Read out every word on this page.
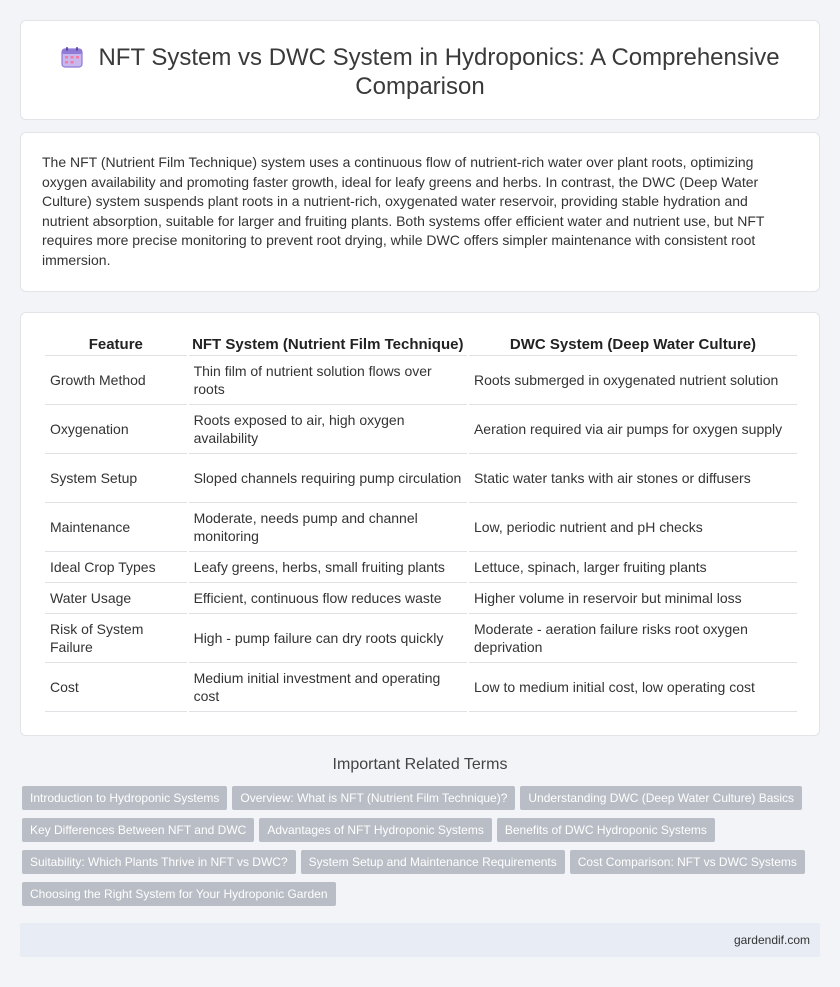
NFT System vs DWC System in Hydroponics: A Comprehensive Comparison

The NFT (Nutrient Film Technique) system uses a continuous flow of nutrient-rich water over plant roots, optimizing oxygen availability and promoting faster growth, ideal for leafy greens and herbs. In contrast, the DWC (Deep Water Culture) system suspends plant roots in a nutrient-rich, oxygenated water reservoir, providing stable hydration and nutrient absorption, suitable for larger and fruiting plants. Both systems offer efficient water and nutrient use, but NFT requires more precise monitoring to prevent root drying, while DWC offers simpler maintenance with consistent root immersion.

Feature	NFT System (Nutrient Film Technique)	DWC System (Deep Water Culture)
Growth Method	Thin film of nutrient solution flows over roots	Roots submerged in oxygenated nutrient solution
Oxygenation	Roots exposed to air, high oxygen availability	Aeration required via air pumps for oxygen supply
System Setup	Sloped channels requiring pump circulation	Static water tanks with air stones or diffusers
Maintenance	Moderate, needs pump and channel monitoring	Low, periodic nutrient and pH checks
Ideal Crop Types	Leafy greens, herbs, small fruiting plants	Lettuce, spinach, larger fruiting plants
Water Usage	Efficient, continuous flow reduces waste	Higher volume in reservoir but minimal loss
Risk of System Failure	High - pump failure can dry roots quickly	Moderate - aeration failure risks root oxygen deprivation
Cost	Medium initial investment and operating cost	Low to medium initial cost, low operating cost
Important Related Terms
Introduction to Hydroponic Systems Overview: What is NFT (Nutrient Film Technique)? Understanding DWC (Deep Water Culture) BasicsKey Differences Between NFT and DWC Advantages of NFT Hydroponic Systems Benefits of DWC Hydroponic SystemsSuitability: Which Plants Thrive in NFT vs DWC? System Setup and Maintenance Requirements Cost Comparison: NFT vs DWC SystemsChoosing the Right System for Your Hydroponic Garden
gardendif.com
